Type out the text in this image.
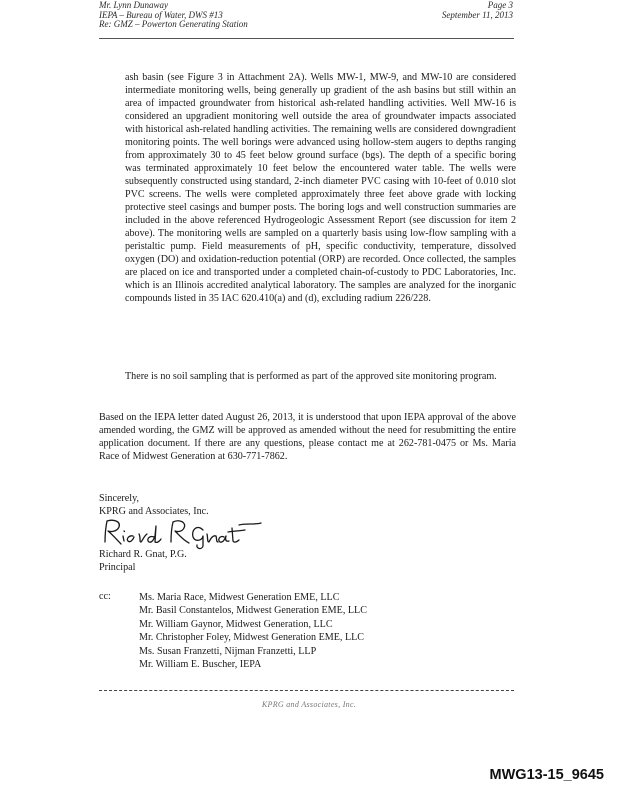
Mr. Lynn Dunaway
IEPA – Bureau of Water, DWS #13
Re: GMZ – Powerton Generating Station
Page 3
September 11, 2013
ash basin (see Figure 3 in Attachment 2A). Wells MW-1, MW-9, and MW-10 are considered intermediate monitoring wells, being generally up gradient of the ash basins but still within an area of impacted groundwater from historical ash-related handling activities. Well MW-16 is considered an upgradient monitoring well outside the area of groundwater impacts associated with historical ash-related handling activities. The remaining wells are considered downgradient monitoring points. The well borings were advanced using hollow-stem augers to depths ranging from approximately 30 to 45 feet below ground surface (bgs). The depth of a specific boring was terminated approximately 10 feet below the encountered water table. The wells were subsequently constructed using standard, 2-inch diameter PVC casing with 10-feet of 0.010 slot PVC screens. The wells were completed approximately three feet above grade with locking protective steel casings and bumper posts. The boring logs and well construction summaries are included in the above referenced Hydrogeologic Assessment Report (see discussion for item 2 above). The monitoring wells are sampled on a quarterly basis using low-flow sampling with a peristaltic pump. Field measurements of pH, specific conductivity, temperature, dissolved oxygen (DO) and oxidation-reduction potential (ORP) are recorded. Once collected, the samples are placed on ice and transported under a completed chain-of-custody to PDC Laboratories, Inc. which is an Illinois accredited analytical laboratory. The samples are analyzed for the inorganic compounds listed in 35 IAC 620.410(a) and (d), excluding radium 226/228.
There is no soil sampling that is performed as part of the approved site monitoring program.
Based on the IEPA letter dated August 26, 2013, it is understood that upon IEPA approval of the above amended wording, the GMZ will be approved as amended without the need for resubmitting the entire application document. If there are any questions, please contact me at 262-781-0475 or Ms. Maria Race of Midwest Generation at 630-771-7862.
Sincerely,
KPRG and Associates, Inc.
Richard R. Gnat, P.G.
Principal
cc:	Ms. Maria Race, Midwest Generation EME, LLC
Mr. Basil Constantelos, Midwest Generation EME, LLC
Mr. William Gaynor, Midwest Generation, LLC
Mr. Christopher Foley, Midwest Generation EME, LLC
Ms. Susan Franzetti, Nijman Franzetti, LLP
Mr. William E. Buscher, IEPA
KPRG and Associates, Inc.
MWG13-15_9645
